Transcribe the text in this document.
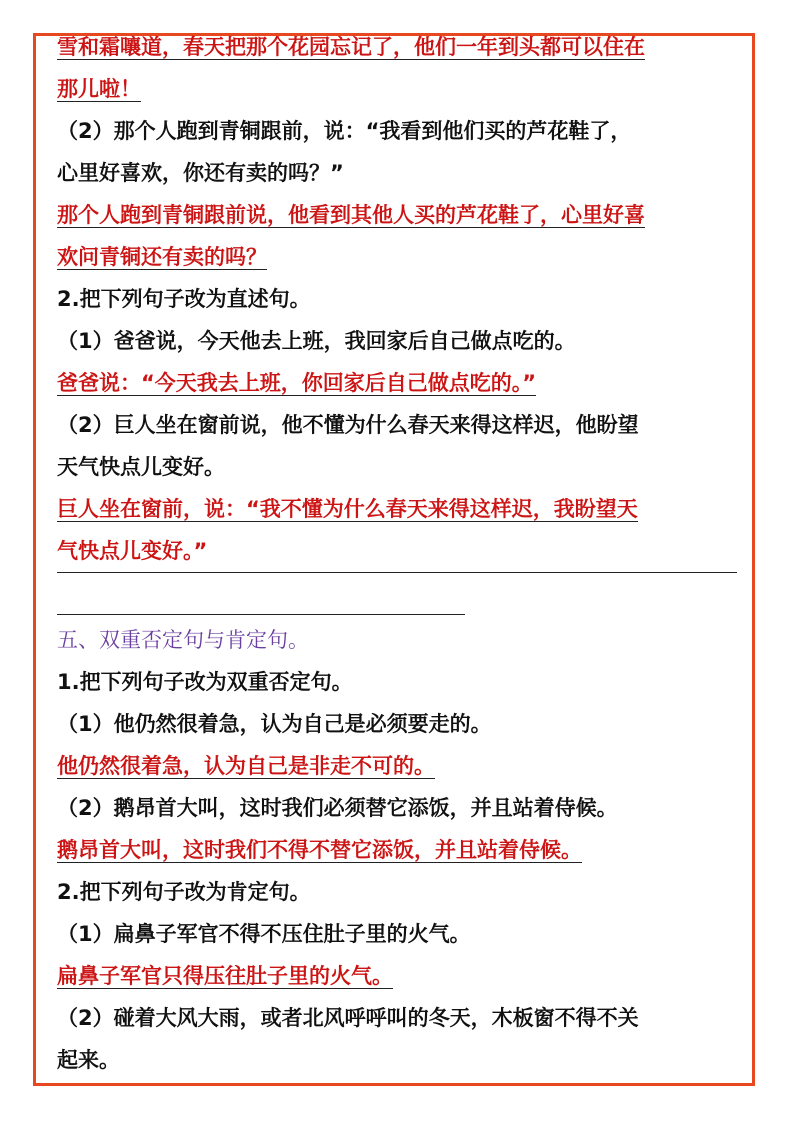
雪和霜嚷道，春天把那个花园忘记了，他们一年到头都可以住在
那儿啦！ 
（2）那个人跑到青铜跟前，说：“我看到他们买的芦花鞋了，
心里好喜欢，你还有卖的吗？”
那个人跑到青铜跟前说，他看到其他人买的芦花鞋了，心里好喜
欢问青铜还有卖的吗？
2.把下列句子改为直述句。
（1）爸爸说，今天他去上班，我回家后自己做点吃的。
爸爸说：“今天我去上班，你回家后自己做点吃的。”
（2）巨人坐在窗前说，他不懂为什么春天来得这样迟，他盼望
天气快点儿变好。
巨人坐在窗前，说：“我不懂为什么春天来得这样迟，我盼望天
气快点儿变好。”
五、双重否定句与肯定句。
1.把下列句子改为双重否定句。
（1）他仍然很着急，认为自己是必须要走的。
他仍然很着急，认为自己是非走不可的。 
（2）鹅昂首大叫，这时我们必须替它添饭，并且站着侍候。
鹅昂首大叫，这时我们不得不替它添饭，并且站着侍候。 
2.把下列句子改为肯定句。
（1）扁鼻子军官不得不压住肚子里的火气。
扁鼻子军官只得压往肚子里的火气。 
（2）碰着大风大雨，或者北风呼呼叫的冬天，木板窗不得不关
起来。
